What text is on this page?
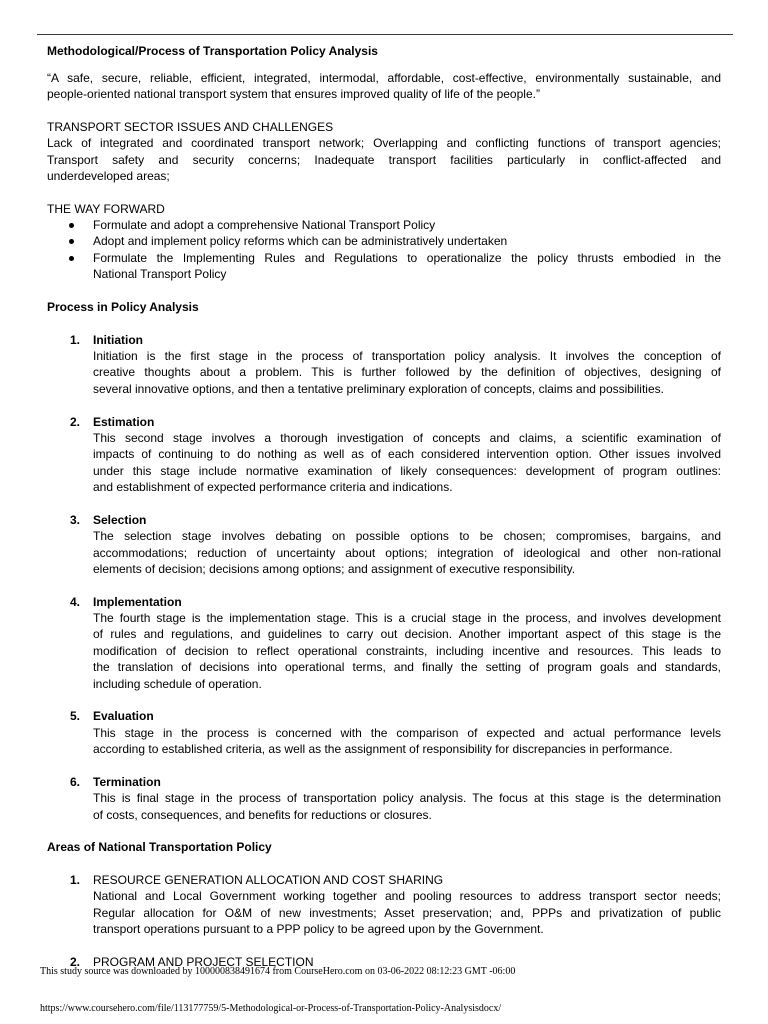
Methodological/Process of Transportation Policy Analysis
“A safe, secure, reliable, efficient, integrated, intermodal, affordable, cost-effective, environmentally sustainable, and
people-oriented national transport system that ensures improved quality of life of the people.”
TRANSPORT SECTOR ISSUES AND CHALLENGES
Lack of integrated and coordinated transport network; Overlapping and conflicting functions of transport agencies;
Transport safety and security concerns; Inadequate transport facilities particularly in conflict-affected and
underdeveloped areas;
THE WAY FORWARD
Formulate and adopt a comprehensive National Transport Policy
Adopt and implement policy reforms which can be administratively undertaken
Formulate the Implementing Rules and Regulations to operationalize the policy thrusts embodied in the
National Transport Policy
Process in Policy Analysis
1. Initiation
Initiation is the first stage in the process of transportation policy analysis. It involves the conception of
creative thoughts about a problem. This is further followed by the definition of objectives, designing of
several innovative options, and then a tentative preliminary exploration of concepts, claims and possibilities.
2. Estimation
This second stage involves a thorough investigation of concepts and claims, a scientific examination of
impacts of continuing to do nothing as well as of each considered intervention option. Other issues involved
under this stage include normative examination of likely consequences: development of program outlines:
and establishment of expected performance criteria and indications.
3. Selection
The selection stage involves debating on possible options to be chosen; compromises, bargains, and
accommodations; reduction of uncertainty about options; integration of ideological and other non-rational
elements of decision; decisions among options; and assignment of executive responsibility.
4. Implementation
The fourth stage is the implementation stage. This is a crucial stage in the process, and involves development
of rules and regulations, and guidelines to carry out decision. Another important aspect of this stage is the
modification of decision to reflect operational constraints, including incentive and resources. This leads to
the translation of decisions into operational terms, and finally the setting of program goals and standards,
including schedule of operation.
5. Evaluation
This stage in the process is concerned with the comparison of expected and actual performance levels
according to established criteria, as well as the assignment of responsibility for discrepancies in performance.
6. Termination
This is final stage in the process of transportation policy analysis. The focus at this stage is the determination
of costs, consequences, and benefits for reductions or closures.
Areas of National Transportation Policy
1. RESOURCE GENERATION ALLOCATION AND COST SHARING
National and Local Government working together and pooling resources to address transport sector needs;
Regular allocation for O&M of new investments; Asset preservation; and, PPPs and privatization of public
transport operations pursuant to a PPP policy to be agreed upon by the Government.
2. PROGRAM AND PROJECT SELECTION
This study source was downloaded by 100000838491674 from CourseHero.com on 03-06-2022 08:12:23 GMT -06:00
https://www.coursehero.com/file/113177759/5-Methodological-or-Process-of-Transportation-Policy-Analysisdocx/
